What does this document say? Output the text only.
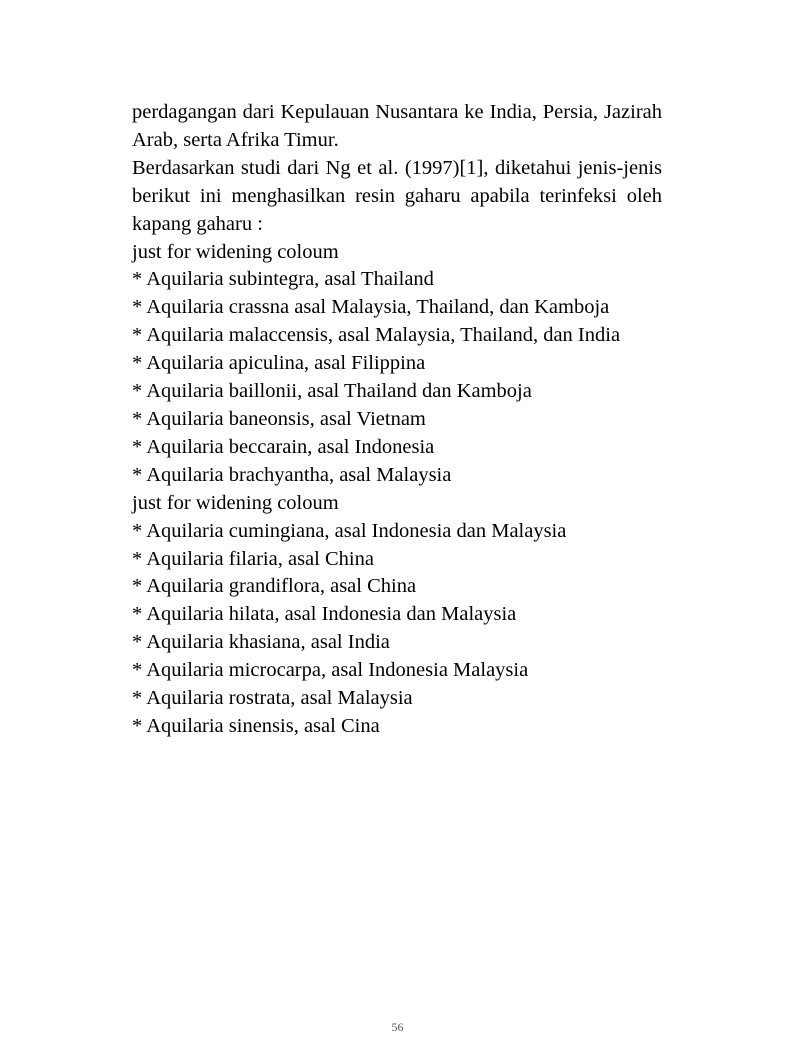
perdagangan dari Kepulauan Nusantara ke India, Persia, Jazirah Arab, serta Afrika Timur.

Berdasarkan studi dari Ng et al. (1997)[1], diketahui jenis-jenis berikut ini menghasilkan resin gaharu apabila terinfeksi oleh kapang gaharu :

just for widening coloum

* Aquilaria subintegra, asal Thailand

* Aquilaria crassna asal Malaysia, Thailand, dan Kamboja

* Aquilaria malaccensis, asal Malaysia, Thailand, dan India

* Aquilaria apiculina, asal Filippina

* Aquilaria baillonii, asal Thailand dan Kamboja

* Aquilaria baneonsis, asal Vietnam

* Aquilaria beccarain, asal Indonesia

* Aquilaria brachyantha, asal Malaysia

just for widening coloum

* Aquilaria cumingiana, asal Indonesia dan Malaysia

* Aquilaria filaria, asal China

* Aquilaria grandiflora, asal China

* Aquilaria hilata, asal Indonesia dan Malaysia

* Aquilaria khasiana, asal India

* Aquilaria microcarpa, asal Indonesia Malaysia

* Aquilaria rostrata, asal Malaysia

* Aquilaria sinensis, asal Cina

56
